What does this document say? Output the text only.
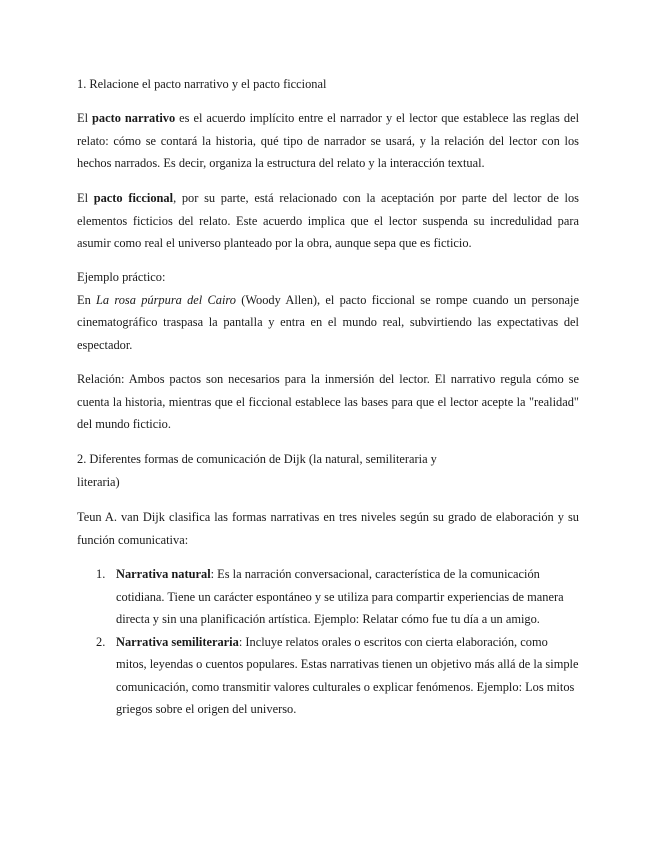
1. Relacione el pacto narrativo y el pacto ficcional
El pacto narrativo es el acuerdo implícito entre el narrador y el lector que establece las reglas del relato: cómo se contará la historia, qué tipo de narrador se usará, y la relación del lector con los hechos narrados. Es decir, organiza la estructura del relato y la interacción textual.
El pacto ficcional, por su parte, está relacionado con la aceptación por parte del lector de los elementos ficticios del relato. Este acuerdo implica que el lector suspenda su incredulidad para asumir como real el universo planteado por la obra, aunque sepa que es ficticio.
Ejemplo práctico:
En La rosa púrpura del Cairo (Woody Allen), el pacto ficcional se rompe cuando un personaje cinematográfico traspasa la pantalla y entra en el mundo real, subvirtiendo las expectativas del espectador.
Relación: Ambos pactos son necesarios para la inmersión del lector. El narrativo regula cómo se cuenta la historia, mientras que el ficcional establece las bases para que el lector acepte la "realidad" del mundo ficticio.
2. Diferentes formas de comunicación de Dijk (la natural, semiliteraria y
literaria)
Teun A. van Dijk clasifica las formas narrativas en tres niveles según su grado de elaboración y su función comunicativa:
1. Narrativa natural: Es la narración conversacional, característica de la comunicación cotidiana. Tiene un carácter espontáneo y se utiliza para compartir experiencias de manera directa y sin una planificación artística. Ejemplo: Relatar cómo fue tu día a un amigo.
2. Narrativa semiliteraria: Incluye relatos orales o escritos con cierta elaboración, como mitos, leyendas o cuentos populares. Estas narrativas tienen un objetivo más allá de la simple comunicación, como transmitir valores culturales o explicar fenómenos. Ejemplo: Los mitos griegos sobre el origen del universo.
